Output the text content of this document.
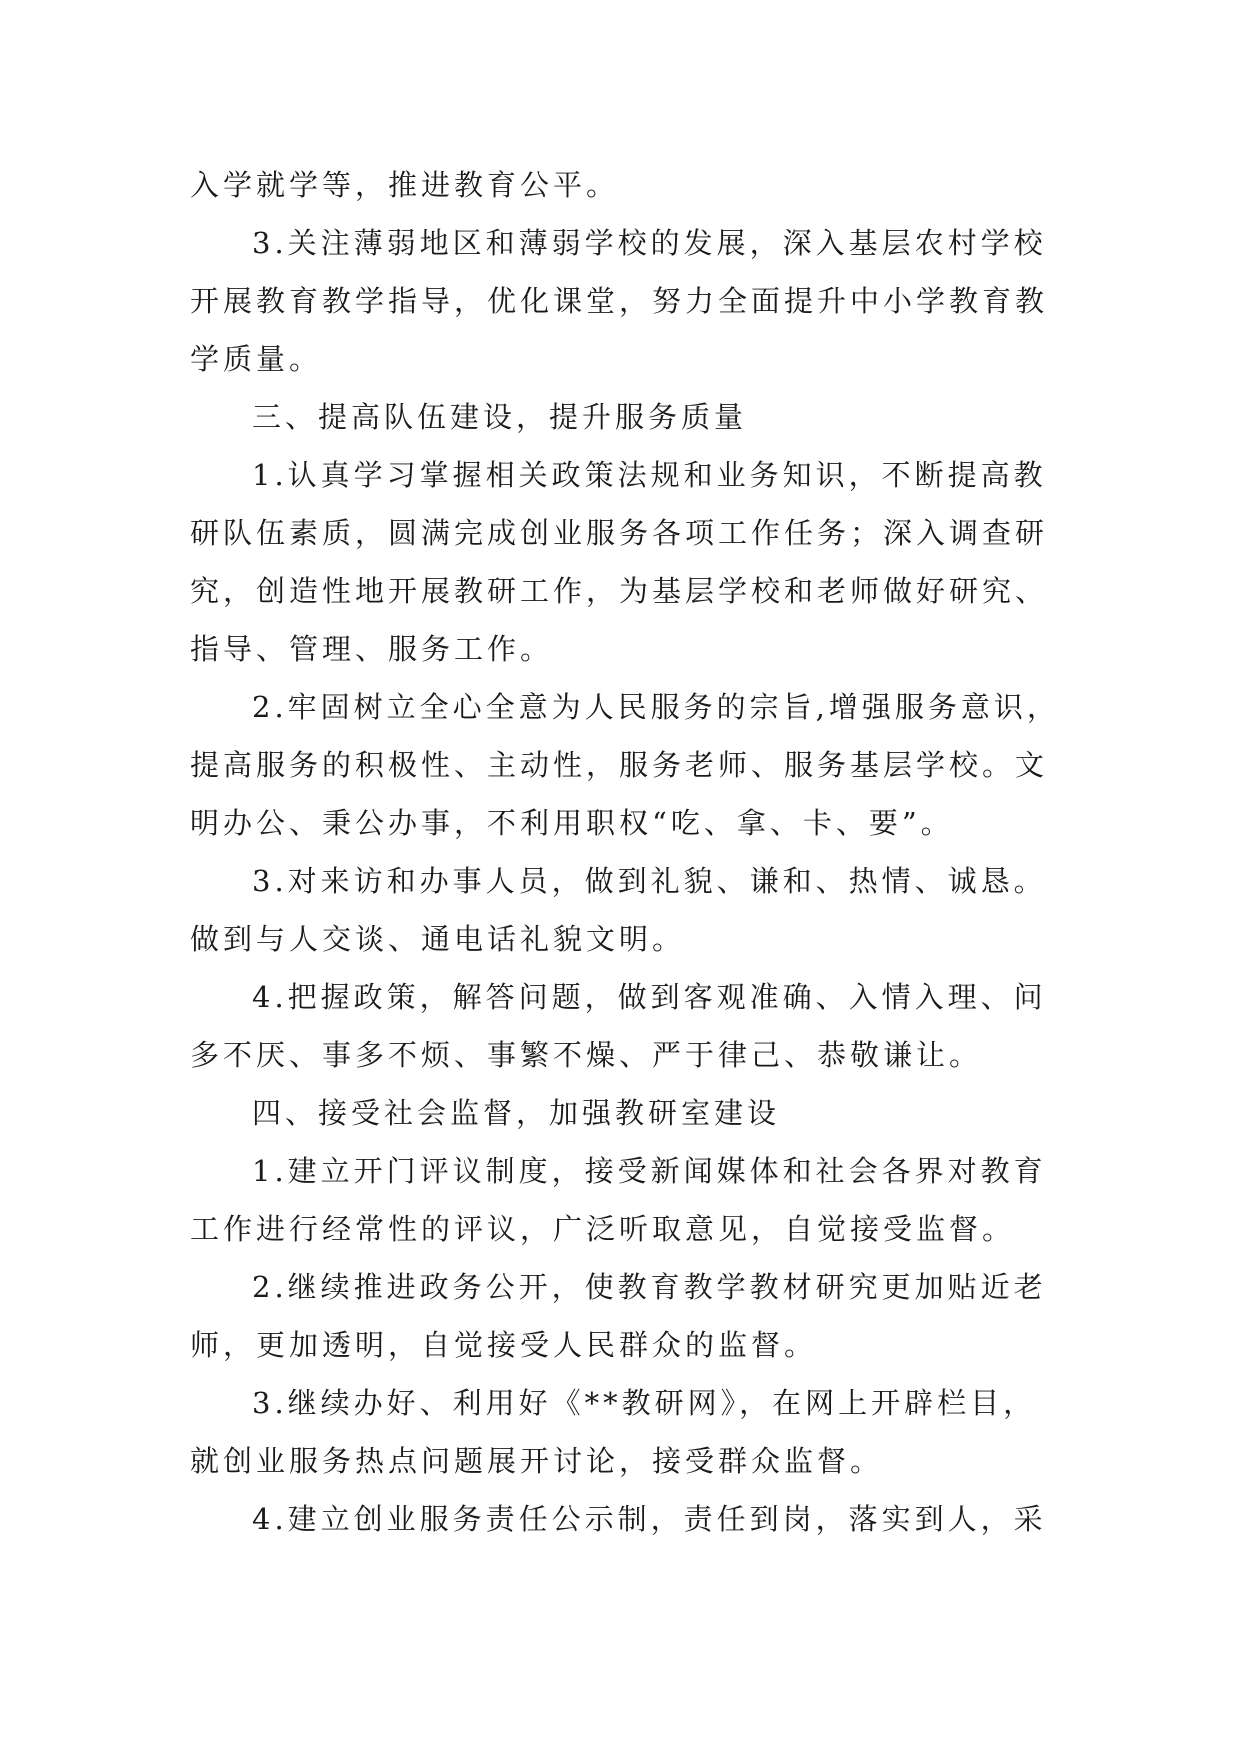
入学就学等，推进教育公平。
3.关注薄弱地区和薄弱学校的发展，深入基层农村学校
开展教育教学指导，优化课堂，努力全面提升中小学教育教
学质量。
三、提高队伍建设，提升服务质量
1.认真学习掌握相关政策法规和业务知识，不断提高教
研队伍素质，圆满完成创业服务各项工作任务；深入调查研
究，创造性地开展教研工作，为基层学校和老师做好研究、
指导、管理、服务工作。
2.牢固树立全心全意为人民服务的宗旨,增强服务意识，
提高服务的积极性、主动性，服务老师、服务基层学校。文
明办公、秉公办事，不利用职权“吃、拿、卡、要”。
3.对来访和办事人员，做到礼貌、谦和、热情、诚恳。
做到与人交谈、通电话礼貌文明。
4.把握政策，解答问题，做到客观准确、入情入理、问
多不厌、事多不烦、事繁不燥、严于律己、恭敬谦让。
四、接受社会监督，加强教研室建设
1.建立开门评议制度，接受新闻媒体和社会各界对教育
工作进行经常性的评议，广泛听取意见，自觉接受监督。
2.继续推进政务公开，使教育教学教材研究更加贴近老
师，更加透明，自觉接受人民群众的监督。
3.继续办好、利用好《**教研网》，在网上开辟栏目，
就创业服务热点问题展开讨论，接受群众监督。
4.建立创业服务责任公示制，责任到岗，落实到人，采
